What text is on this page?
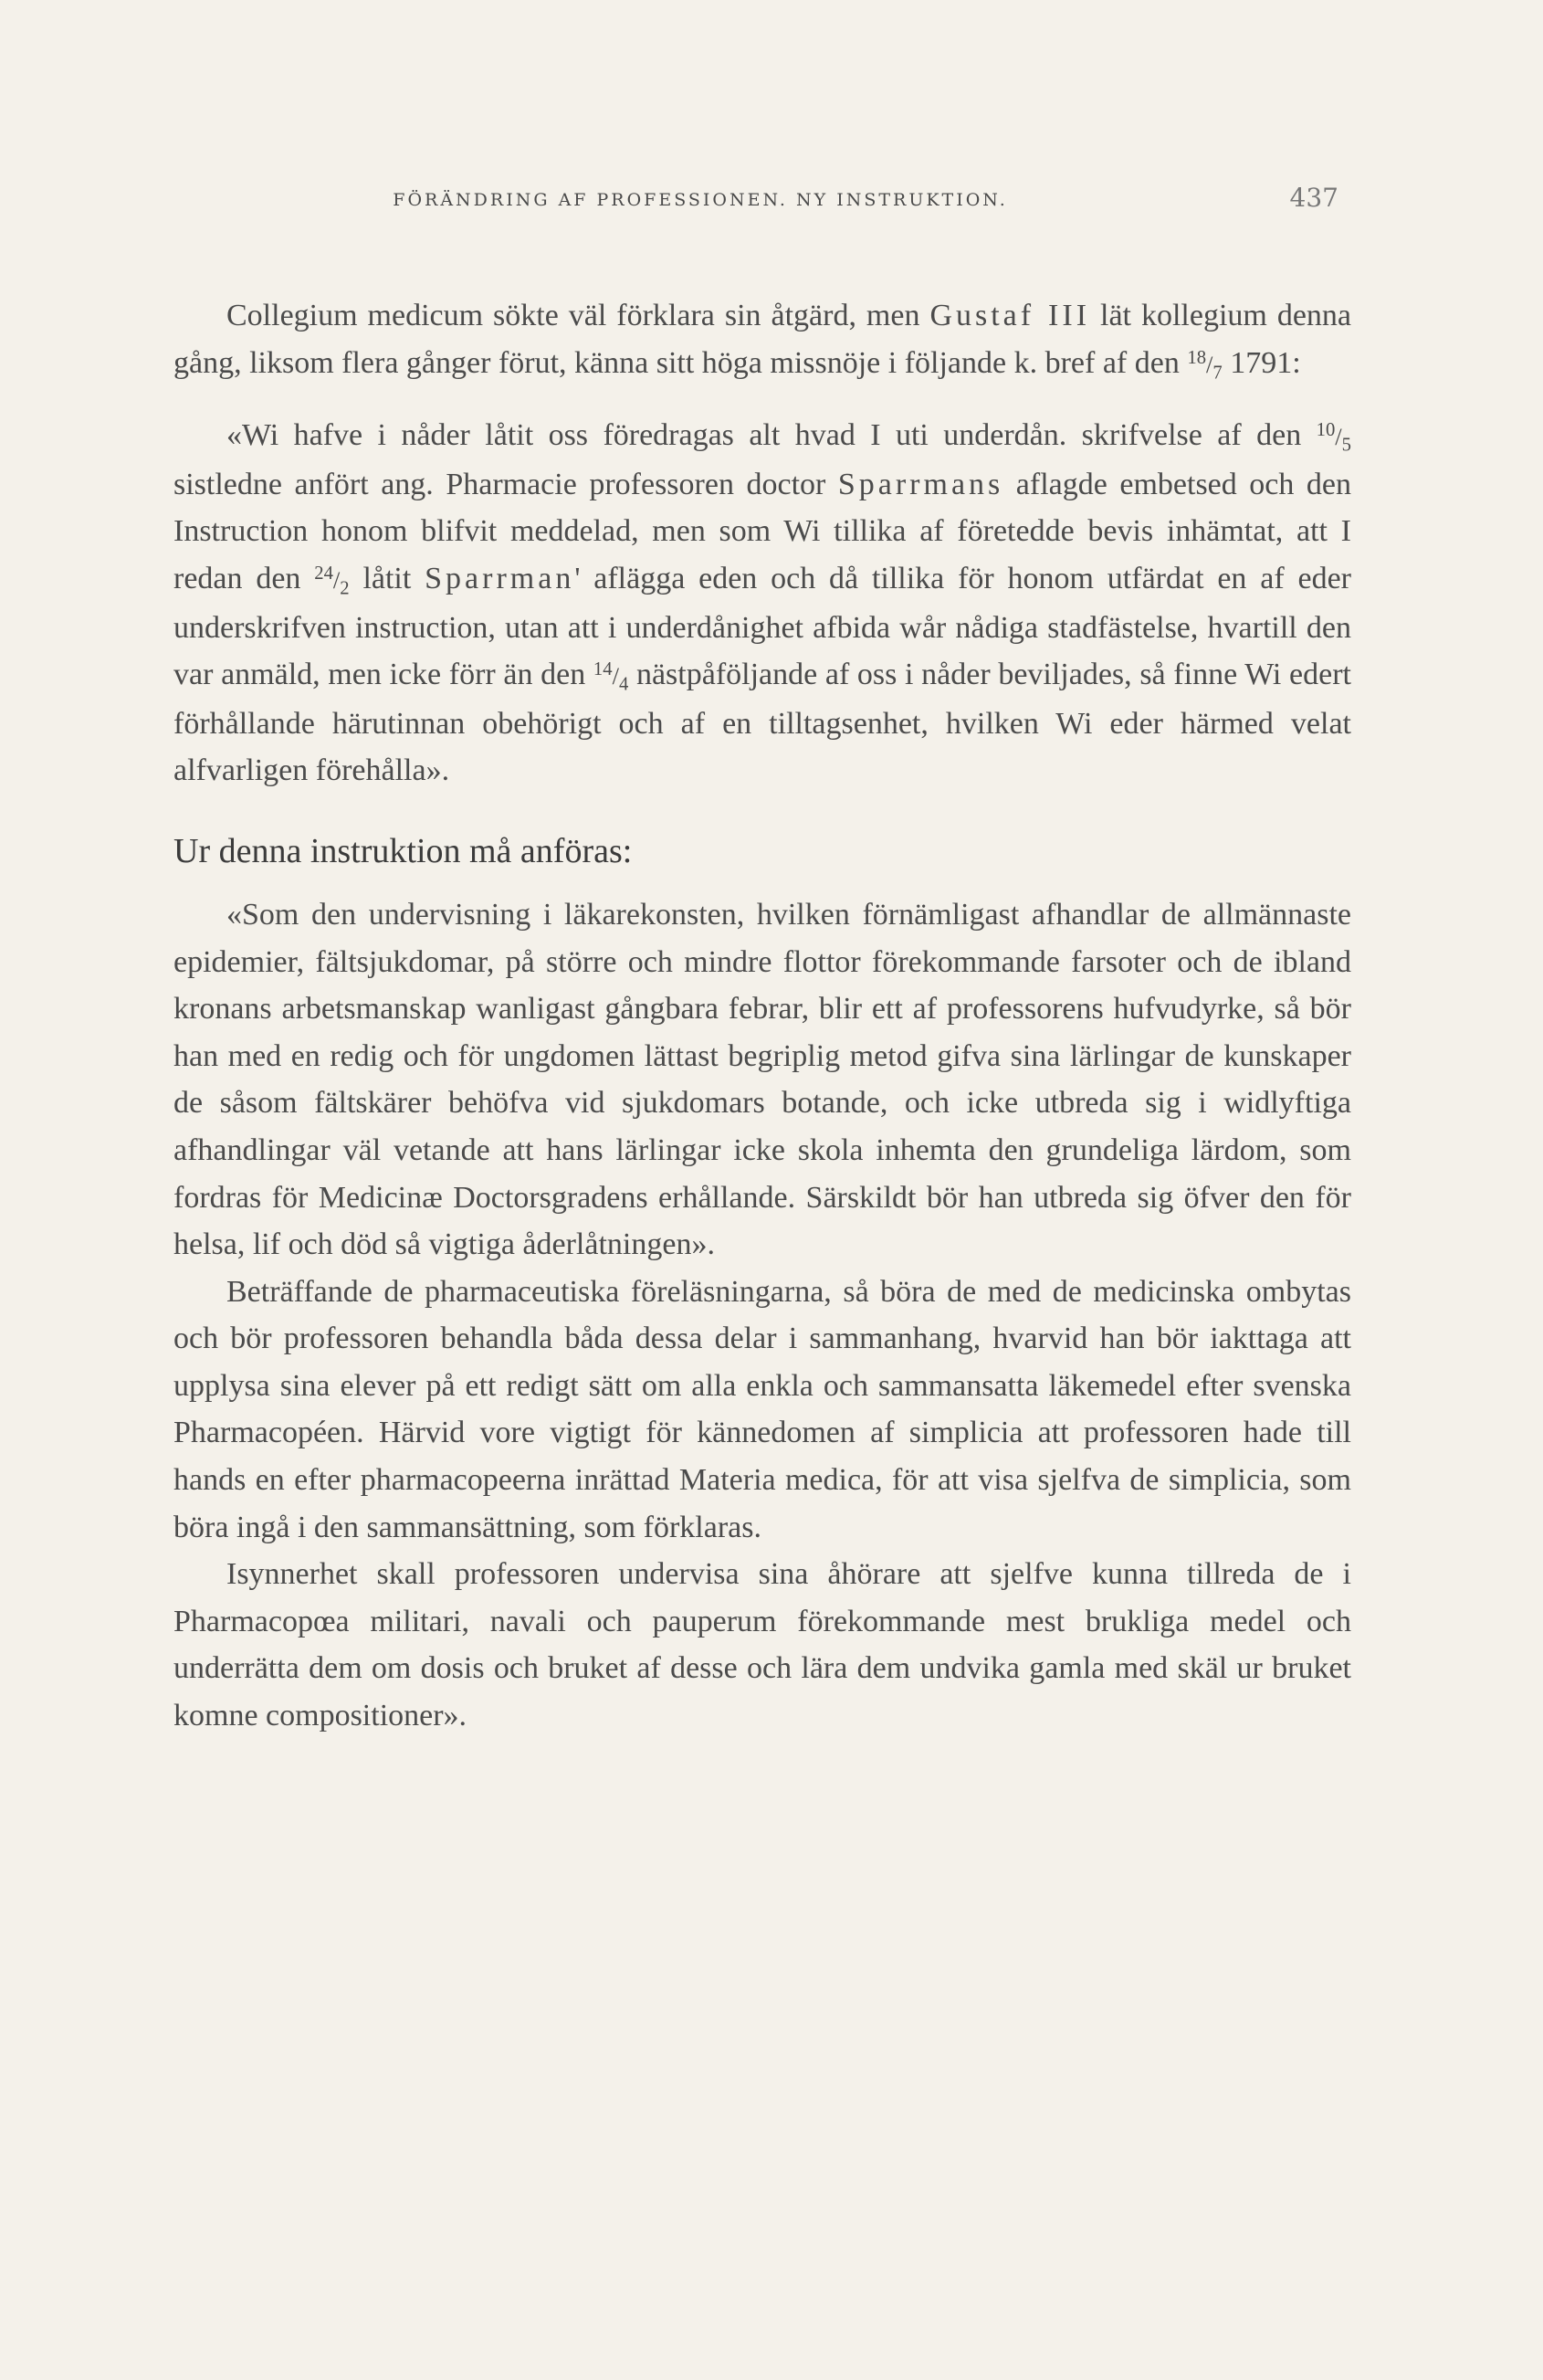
FÖRÄNDRING AF PROFESSIONEN. NY INSTRUKTION.	437

Collegium medicum sökte väl förklara sin åtgärd, men Gustaf III lät kollegium denna gång, liksom flera gånger förut, känna sitt höga missnöje i följande k. bref af den $^{18}/_7$ 1791:

«Wi hafve i nåder låtit oss föredragas alt hvad I uti underdån. skrifvelse af den $^{10}/_5$ sistledne anfört ang. Pharmacie professoren doctor Sparrmans aflagde embetsed och den Instruction honom blifvit meddelad, men som Wi tillika af företedde bevis inhämtat, att I redan den $^{24}/_2$ låtit Sparrman' aflägga eden och då tillika för honom utfärdat en af eder underskrifven instruction, utan att i underdånighet afbida wår nådiga stadfästelse, hvartill den var anmäld, men icke förr än den $^{14}/_4$ nästpåföljande af oss i nåder beviljades, så finne Wi edert förhållande härutinnan obehörigt och af en tilltagsenhet, hvilken Wi eder härmed velat alfvarligen förehålla».

Ur denna instruktion må anföras:

«Som den undervisning i läkarekonsten, hvilken förnämligast afhandlar de allmännaste epidemier, fältsjukdomar, på större och mindre flottor förekommande farsoter och de ibland kronans arbetsmanskap wanligast gångbara febrar, blir ett af professorens hufvudyrke, så bör han med en redig och för ungdomen lättast begriplig metod gifva sina lärlingar de kunskaper de såsom fältskärer behöfva vid sjukdomars botande, och icke utbreda sig i widlyftiga afhandlingar väl vetande att hans lärlingar icke skola inhemta den grundeliga lärdom, som fordras för Medicinæ Doctorsgradens erhållande. Särskildt bör han utbreda sig öfver den för helsa, lif och död så vigtiga åderlåtningen».

Beträffande de pharmaceutiska föreläsningarna, så böra de med de medicinska ombytas och bör professoren behandla båda dessa delar i sammanhang, hvarvid han bör iakttaga att upplysa sina elever på ett redigt sätt om alla enkla och sammansatta läkemedel efter svenska Pharmacopéen. Härvid vore vigtigt för kännedomen af simplicia att professoren hade till hands en efter pharmacopeerna inrättad Materia medica, för att visa sjelfva de simplicia, som böra ingå i den sammansättning, som förklaras.

Isynnerhet skall professoren undervisa sina åhörare att sjelfve kunna tillreda de i Pharmacopœa militari, navali och pauperum förekommande mest brukliga medel och underrätta dem om dosis och bruket af desse och lära dem undvika gamla med skäl ur bruket komne compositioner».
